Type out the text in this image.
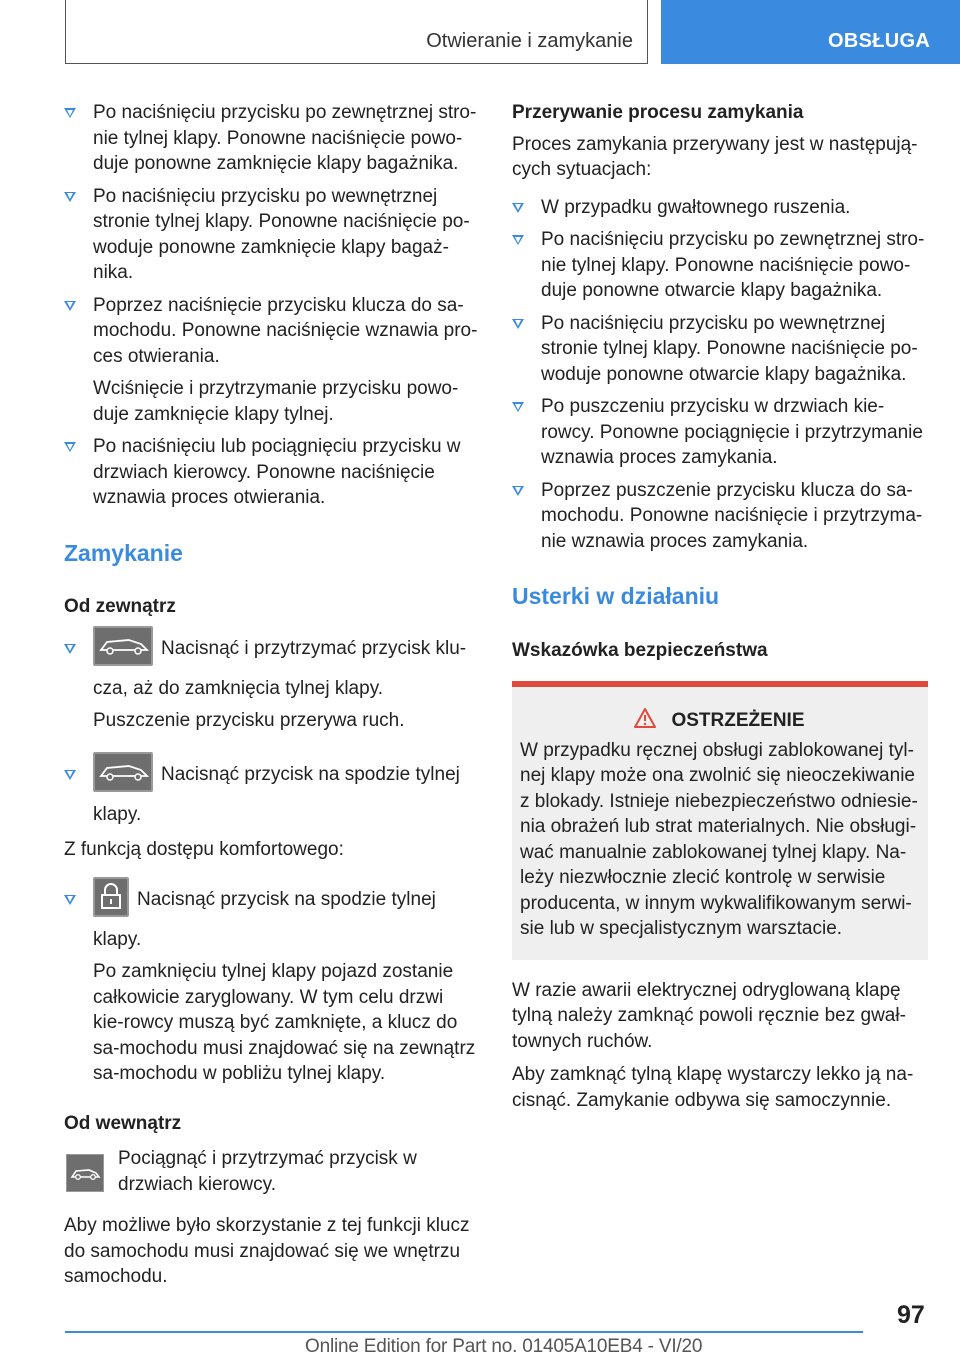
Otwieranie i zamykanie	OBSŁUGA
Po naciśnięciu przycisku po zewnętrznej stro-nie tylnej klapy. Ponowne naciśnięcie powo-duje ponowne zamknięcie klapy bagażnika.
Po naciśnięciu przycisku po wewnętrznej stronie tylnej klapy. Ponowne naciśnięcie po-woduje ponowne zamknięcie klapy bagaż-nika.
Poprzez naciśnięcie przycisku klucza do sa-mochodu. Ponowne naciśnięcie wznawia pro-ces otwierania.
Wciśnięcie i przytrzymanie przycisku powo-duje zamknięcie klapy tylnej.
Po naciśnięciu lub pociągnięciu przycisku w drzwiach kierowcy. Ponowne naciśnięcie wznawia proces otwierania.
Zamykanie
Od zewnątrz
Nacisnąć i przytrzymać przycisk klu-cza, aż do zamknięcia tylnej klapy.
Puszczenie przycisku przerywa ruch.
Nacisnąć przycisk na spodzie tylnej klapy.
Z funkcją dostępu komfortowego:
Nacisnąć przycisk na spodzie tylnej klapy.
Po zamknięciu tylnej klapy pojazd zostanie całkowicie zaryglowany. W tym celu drzwi kie-rowcy muszą być zamknięte, a klucz do sa-mochodu musi znajdować się na zewnątrz sa-mochodu w pobliżu tylnej klapy.
Od wewnątrz
Pociągnąć i przytrzymać przycisk w drzwiach kierowcy.
Aby możliwe było skorzystanie z tej funkcji klucz do samochodu musi znajdować się we wnętrzu samochodu.
Przerywanie procesu zamykania
Proces zamykania przerywany jest w następują-cych sytuacjach:
W przypadku gwałtownego ruszenia.
Po naciśnięciu przycisku po zewnętrznej stro-nie tylnej klapy. Ponowne naciśnięcie powo-duje ponowne otwarcie klapy bagażnika.
Po naciśnięciu przycisku po wewnętrznej stronie tylnej klapy. Ponowne naciśnięcie po-woduje ponowne otwarcie klapy bagażnika.
Po puszczeniu przycisku w drzwiach kie-rowcy. Ponowne pociągnięcie i przytrzymanie wznawia proces zamykania.
Poprzez puszczenie przycisku klucza do sa-mochodu. Ponowne naciśnięcie i przytrzyma-nie wznawia proces zamykania.
Usterki w działaniu
Wskazówka bezpieczeństwa
OSTRZEŻENIE
W przypadku ręcznej obsługi zablokowanej tyl-nej klapy może ona zwolnić się nieoczekiwanie z blokady. Istnieje niebezpieczeństwo odniesie-nia obrażeń lub strat materialnych. Nie obsługi-wać manualnie zablokowanej tylnej klapy. Na-leży niezwłocznie zlecić kontrolę w serwisie producenta, w innym wykwalifikowanym serwi-sie lub w specjalistycznym warsztacie.
W razie awarii elektrycznej odryglowaną klapę tylną należy zamknąć powoli ręcznie bez gwał-townych ruchów.
Aby zamknąć tylną klapę wystarczy lekko ją na-cisnąć. Zamykanie odbywa się samoczynnie.
97
Online Edition for Part no. 01405A10EB4 - VI/20
